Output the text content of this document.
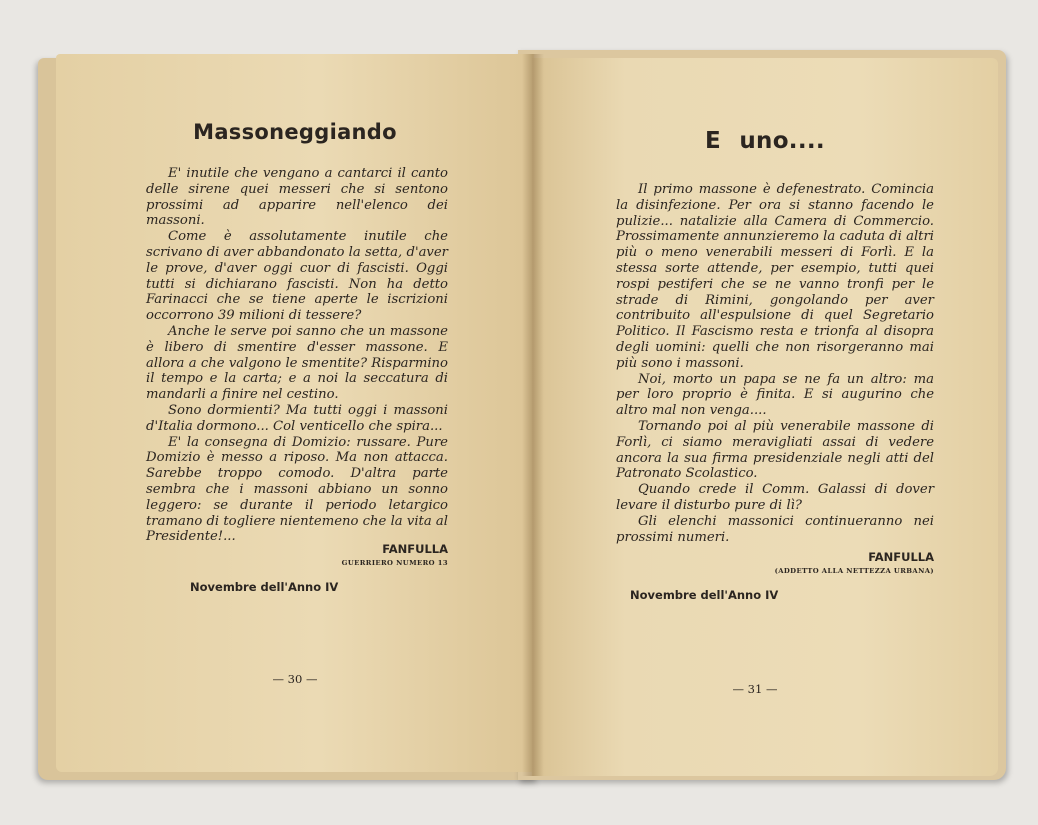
Massoneggiando

E' inutile che vengano a cantarci il canto delle sirene quei messeri che si sentono prossimi ad apparire nell'elenco dei massoni.

Come è assolutamente inutile che scrivano di aver abbandonato la setta, d'aver le prove, d'aver oggi cuor di fascisti. Oggi tutti si dichiarano fascisti. Non ha detto Farinacci che se tiene aperte le iscrizioni occorrono 39 milioni di tessere?

Anche le serve poi sanno che un massone è libero di smentire d'esser massone. E allora a che valgono le smentite? Risparmino il tempo e la carta; e a noi la seccatura di mandarli a finire nel cestino.

Sono dormienti? Ma tutti oggi i massoni d'Italia dormono... Col venticello che spira...

E' la consegna di Domizio: russare. Pure Domizio è messo a riposo. Ma non attacca. Sarebbe troppo comodo. D'altra parte sembra che i massoni abbiano un sonno leggero: se durante il periodo letargico tramano di togliere nientemeno che la vita al Presidente!...

FANFULLA
GUERRIERO NUMERO 13
Novembre dell'Anno IV
— 30 —
E uno....

Il primo massone è defenestrato. Comincia la disinfezione. Per ora si stanno facendo le pulizie... natalizie alla Camera di Commercio. Prossimamente annunzieremo la caduta di altri più o meno venerabili messeri di Forlì. E la stessa sorte attende, per esempio, tutti quei rospi pestiferi che se ne vanno tronfi per le strade di Rimini, gongolando per aver contribuito all'espulsione di quel Segretario Politico. Il Fascismo resta e trionfa al disopra degli uomini: quelli che non risorgeranno mai più sono i massoni.

Noi, morto un papa se ne fa un altro: ma per loro proprio è finita. E si augurino che altro mal non venga....

Tornando poi al più venerabile massone di Forlì, ci siamo meravigliati assai di vedere ancora la sua firma presidenziale negli atti del Patronato Scolastico.

Quando crede il Comm. Galassi di dover levare il disturbo pure di lì?

Gli elenchi massonici continueranno nei prossimi numeri.

FANFULLA
(ADDETTO ALLA NETTEZZA URBANA)
Novembre dell'Anno IV
— 31 —
